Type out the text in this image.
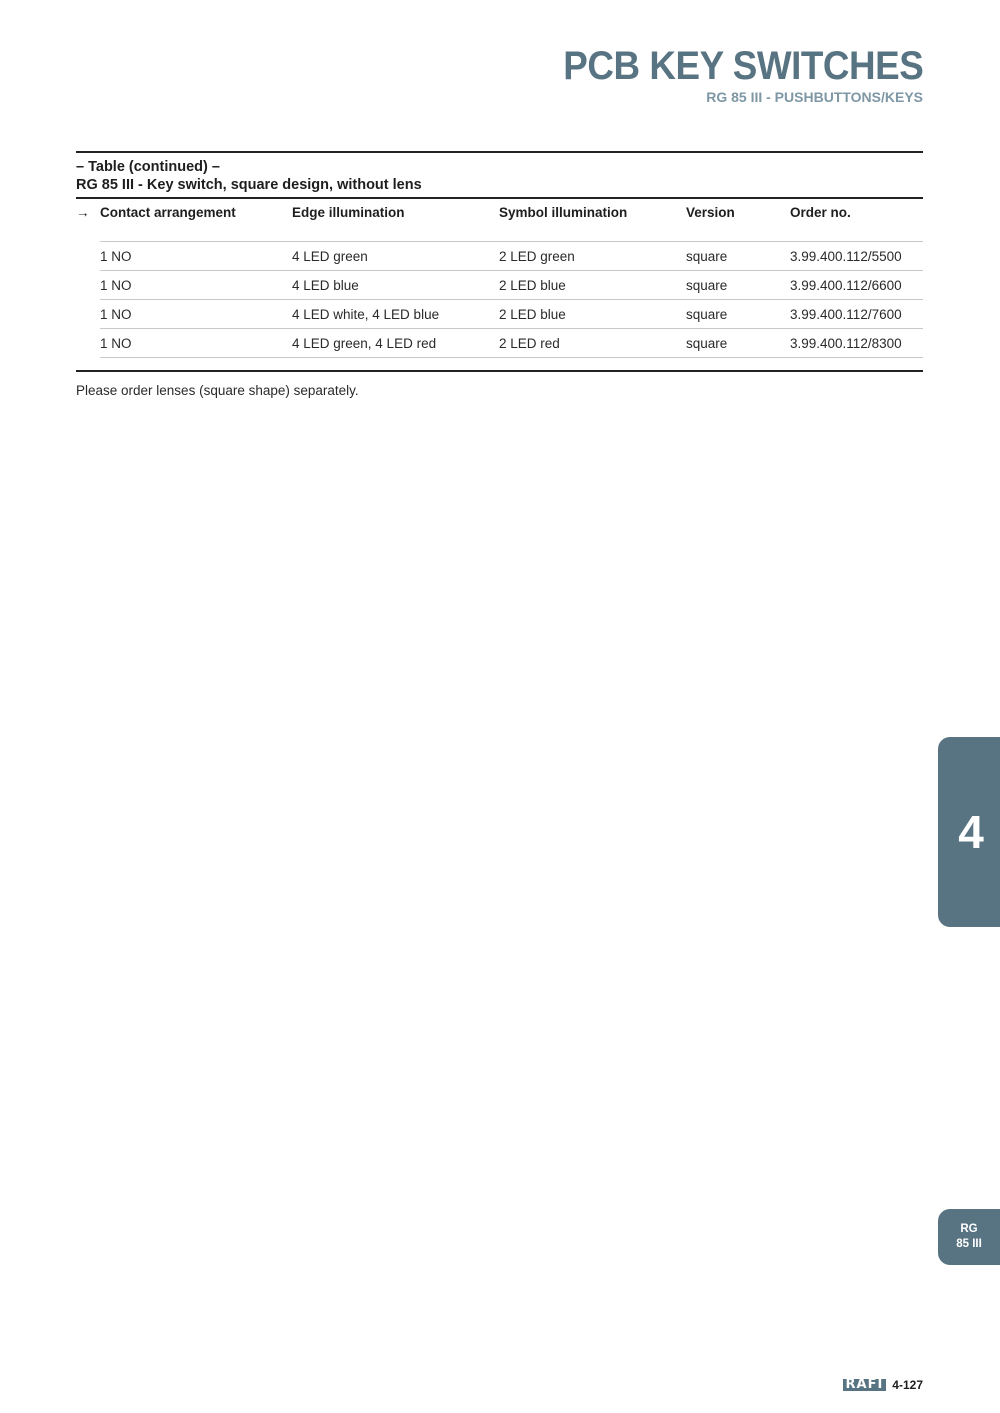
PCB KEY SWITCHES
RG 85 III - PUSHBUTTONS/KEYS
– Table (continued) –
RG 85 III - Key switch, square design, without lens
→	Contact arrangement	Edge illumination	Symbol illumination	Version	Order no.

	1 NO	4 LED green	2 LED green	square	3.99.400.112/5500
	1 NO	4 LED blue	2 LED blue	square	3.99.400.112/6600
	1 NO	4 LED white, 4 LED blue	2 LED blue	square	3.99.400.112/7600
	1 NO	4 LED green, 4 LED red	2 LED red	square	3.99.400.112/8300
Please order lenses (square shape) separately.
4
RG
85 III
RAFI 4-127
